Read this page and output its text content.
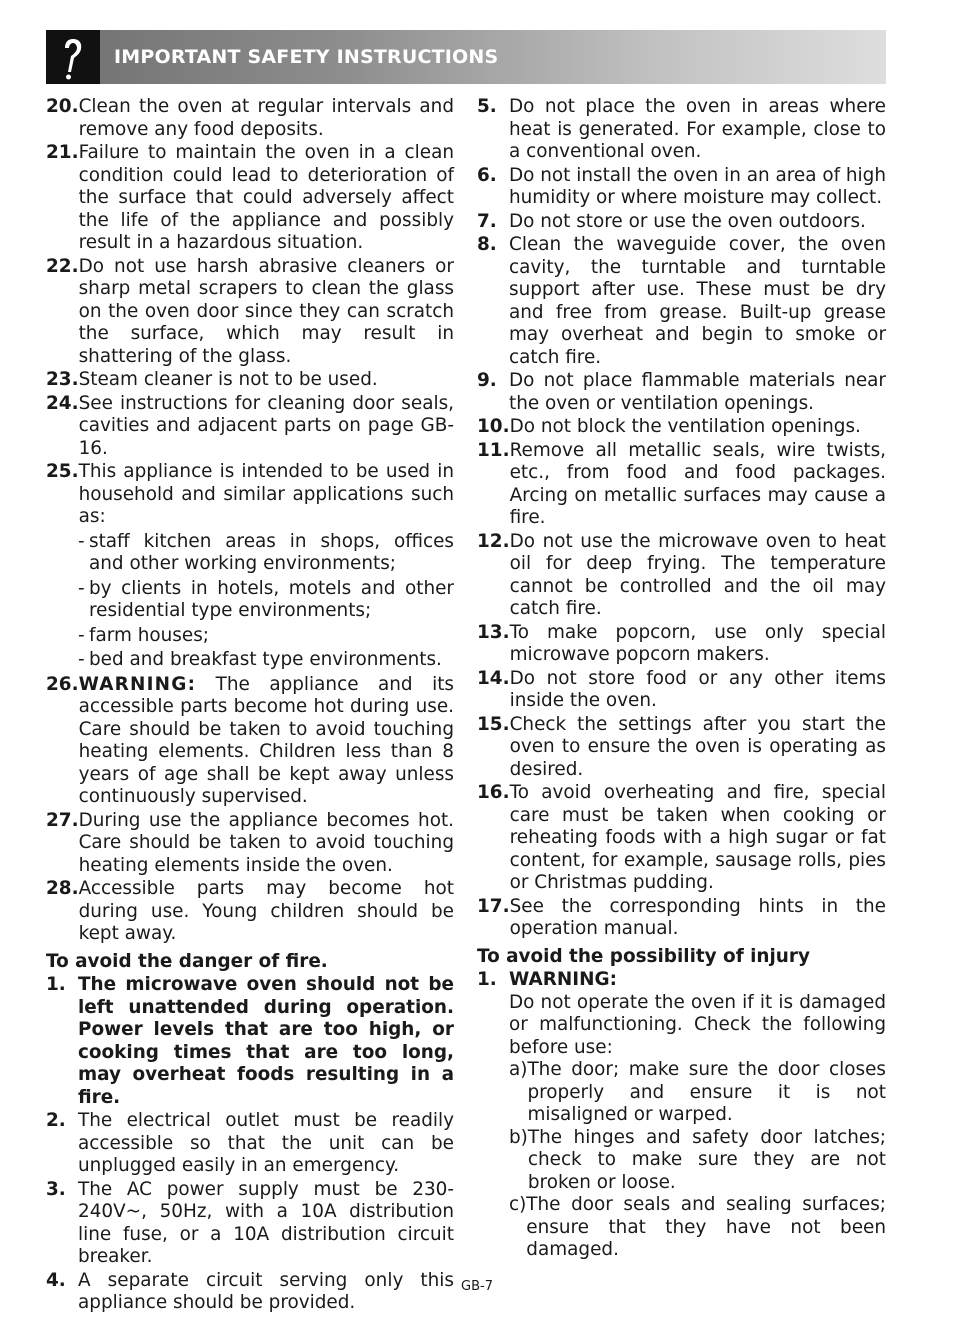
IMPORTANT SAFETY INSTRUCTIONS
20. Clean the oven at regular intervals and remove any food deposits.
21. Failure to maintain the oven in a clean condition could lead to deterioration of the surface that could adversely affect the life of the appliance and possibly result in a hazardous situation.
22. Do not use harsh abrasive cleaners or sharp metal scrapers to clean the glass on the oven door since they can scratch the surface, which may result in shattering of the glass.
23. Steam cleaner is not to be used.
24. See instructions for cleaning door seals, cavities and adjacent parts on page GB-16.
25. This appliance is intended to be used in household and similar applications such as:
- staff kitchen areas in shops, offices and other working environments;
- by clients in hotels, motels and other residential type environments;
- farm houses;
- bed and breakfast type environments.
26. WARNING: The appliance and its accessible parts become hot during use. Care should be taken to avoid touching heating elements. Children less than 8 years of age shall be kept away unless continuously supervised.
27. During use the appliance becomes hot. Care should be taken to avoid touching heating elements inside the oven.
28. Accessible parts may become hot during use. Young children should be kept away.
To avoid the danger of fire.
1. The microwave oven should not be left unattended during operation. Power levels that are too high, or cooking times that are too long, may overheat foods resulting in a fire.
2. The electrical outlet must be readily accessible so that the unit can be unplugged easily in an emergency.
3. The AC power supply must be 230-240V~, 50Hz, with a 10A distribution line fuse, or a 10A distribution circuit breaker.
4. A separate circuit serving only this appliance should be provided.
5. Do not place the oven in areas where heat is generated. For example, close to a conventional oven.
6. Do not install the oven in an area of high humidity or where moisture may collect.
7. Do not store or use the oven outdoors.
8. Clean the waveguide cover, the oven cavity, the turntable and turntable support after use. These must be dry and free from grease. Built-up grease may overheat and begin to smoke or catch fire.
9. Do not place flammable materials near the oven or ventilation openings.
10. Do not block the ventilation openings.
11. Remove all metallic seals, wire twists, etc., from food and food packages. Arcing on metallic surfaces may cause a fire.
12. Do not use the microwave oven to heat oil for deep frying. The temperature cannot be controlled and the oil may catch fire.
13. To make popcorn, use only special microwave popcorn makers.
14. Do not store food or any other items inside the oven.
15. Check the settings after you start the oven to ensure the oven is operating as desired.
16. To avoid overheating and fire, special care must be taken when cooking or reheating foods with a high sugar or fat content, for example, sausage rolls, pies or Christmas pudding.
17. See the corresponding hints in the operation manual.
To avoid the possibility of injury
1. WARNING:
Do not operate the oven if it is damaged or malfunctioning. Check the following before use:
a) The door; make sure the door closes properly and ensure it is not misaligned or warped.
b) The hinges and safety door latches; check to make sure they are not broken or loose.
c) The door seals and sealing surfaces; ensure that they have not been damaged.
GB-7
